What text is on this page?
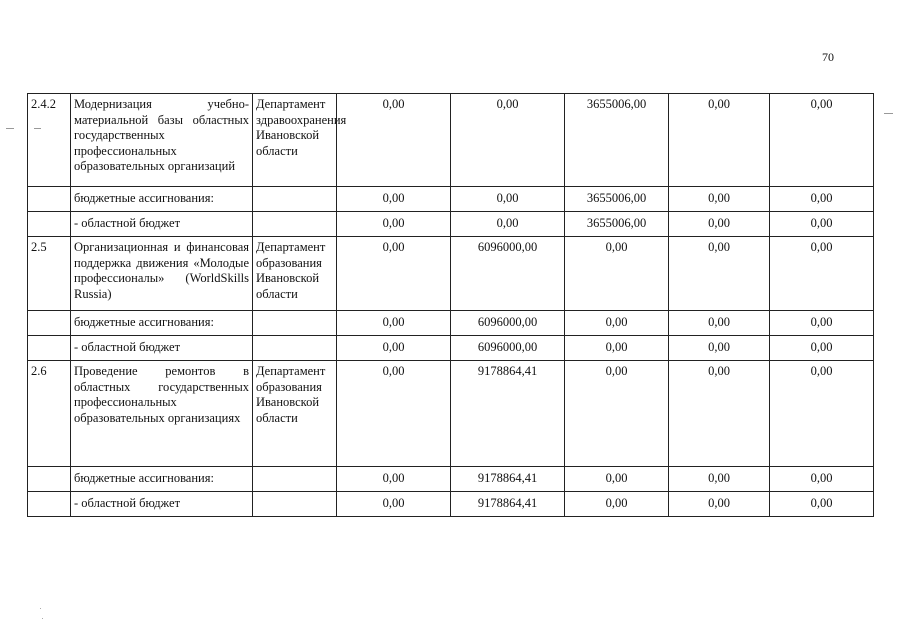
70
2.4.2	Модернизация учебно-материальной базы областных государственных профессиональных образовательных организаций	Департамент здравоохранения Ивановской области	0,00	0,00	3655006,00	0,00	0,00
	бюджетные ассигнования:		0,00	0,00	3655006,00	0,00	0,00
	- областной бюджет		0,00	0,00	3655006,00	0,00	0,00
2.5	Организационная и финансовая поддержка движения «Молодые профессионалы» (WorldSkills Russia)	Департамент образования Ивановской области	0,00	6096000,00	0,00	0,00	0,00
	бюджетные ассигнования:		0,00	6096000,00	0,00	0,00	0,00
	- областной бюджет		0,00	6096000,00	0,00	0,00	0,00
2.6	Проведение ремонтов в областных государственных профессиональных образовательных организациях	Департамент образования Ивановской области	0,00	9178864,41	0,00	0,00	0,00
	бюджетные ассигнования:		0,00	9178864,41	0,00	0,00	0,00
	- областной бюджет		0,00	9178864,41	0,00	0,00	0,00
